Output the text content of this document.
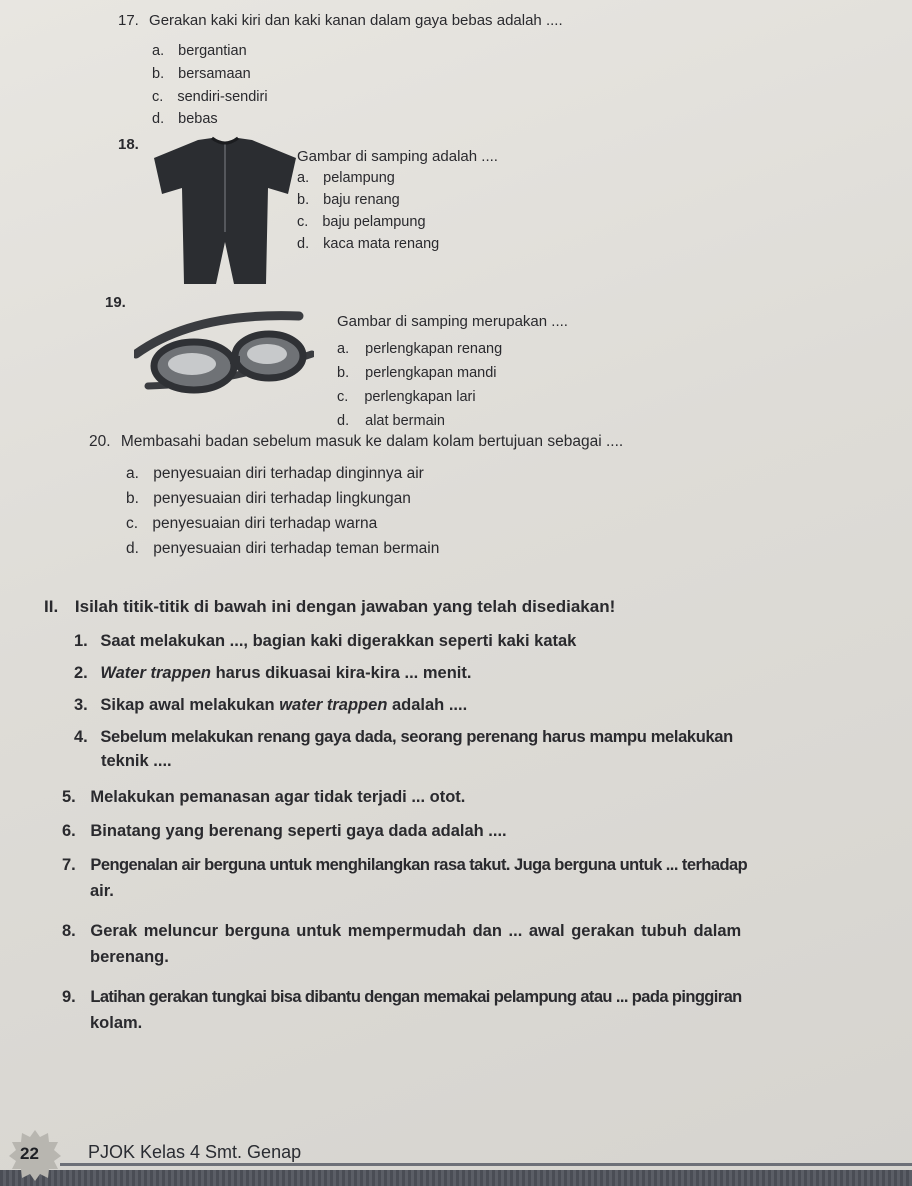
17. Gerakan kaki kiri dan kaki kanan dalam gaya bebas adalah ....
a. bergantian
b. bersamaan
c. sendiri-sendiri
d. bebas
18.
Gambar di samping adalah ....
a. pelampung
b. baju renang
c. baju pelampung
d. kaca mata renang
19.
Gambar di samping merupakan ....
a. perlengkapan renang
b. perlengkapan mandi
c. perlengkapan lari
d. alat bermain
20. Membasahi badan sebelum masuk ke dalam kolam bertujuan sebagai ....
a. penyesuaian diri terhadap dinginnya air
b. penyesuaian diri terhadap lingkungan
c. penyesuaian diri terhadap warna
d. penyesuaian diri terhadap teman bermain
II. Isilah titik-titik di bawah ini dengan jawaban yang telah disediakan!
1. Saat melakukan ..., bagian kaki digerakkan seperti kaki katak
2. Water trappen harus dikuasai kira-kira ... menit.
3. Sikap awal melakukan water trappen adalah ....
4. Sebelum melakukan renang gaya dada, seorang perenang harus mampu melakukan
teknik ....
5. Melakukan pemanasan agar tidak terjadi ... otot.
6. Binatang yang berenang seperti gaya dada adalah ....
7. Pengenalan air berguna untuk menghilangkan rasa takut. Juga berguna untuk ... terhadap
air.
8. Gerak meluncur berguna untuk mempermudah dan ... awal gerakan tubuh dalam
berenang.
9. Latihan gerakan tungkai bisa dibantu dengan memakai pelampung atau ... pada pinggiran
kolam.
22	PJOK Kelas 4 Smt. Genap
